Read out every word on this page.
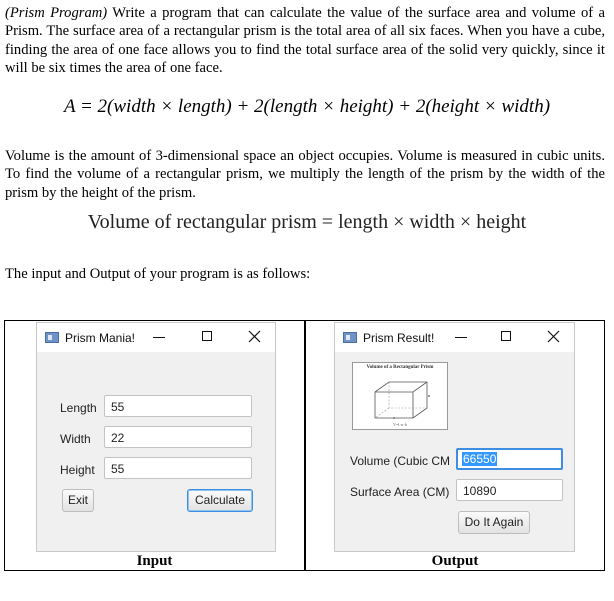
(Prism Program) Write a program that can calculate the value of the surface area and volume of a Prism. The surface area of a rectangular prism is the total area of all six faces. When you have a cube, finding the area of one face allows you to find the total surface area of the solid very quickly, since it will be six times the area of one face.

A = 2(width × length) + 2(length × height) + 2(height × width)

Volume is the amount of 3-dimensional space an object occupies. Volume is measured in cubic units. To find the volume of a rectangular prism, we multiply the length of the prism by the width of the prism by the height of the prism.

Volume of rectangular prism = length × width × height

The input and Output of your program is as follows:

Prism Mania!
Length	55
Width	22
Height	55
Exit	Calculate
Input
Prism Result!
Volume of a Rectangular Prism
V=l·w·h
Volume (Cubic CM	66550
Surface Area (CM)	10890
Do It Again
Output
